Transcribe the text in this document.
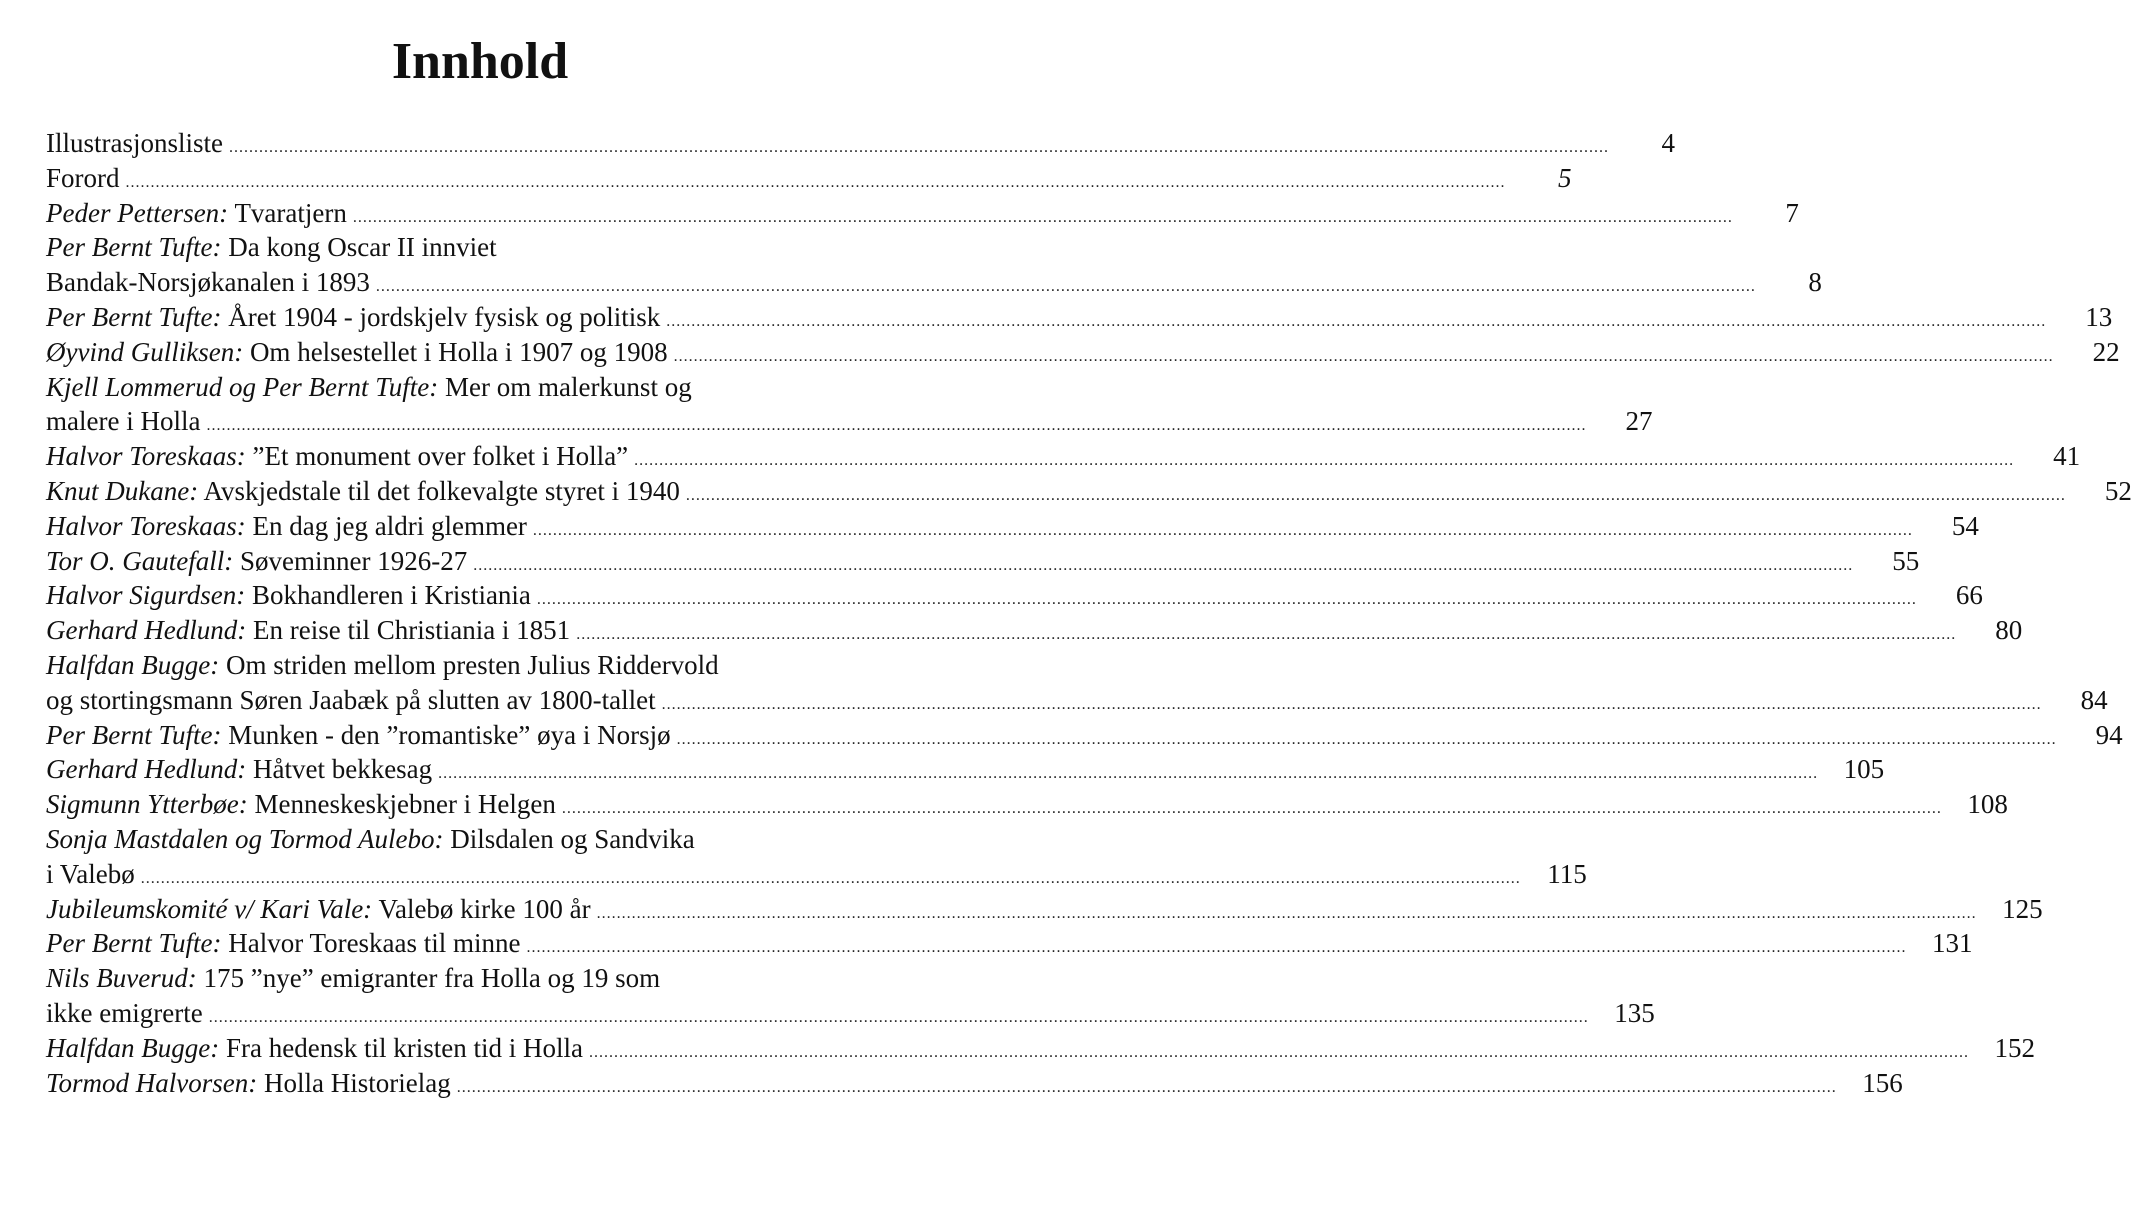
Innhold
Illustrasjonsliste ....................................................................................................................................................................................................................................................................................	4
Forord ....................................................................................................................................................................................................................................................................................	5
Peder Pettersen: Tvaratjern ....................................................................................................................................................................................................................................................................................	7
Per Bernt Tufte: Da kong Oscar II innviet
Bandak-Norsjøkanalen i 1893 ....................................................................................................................................................................................................................................................................................	8
Per Bernt Tufte: Året 1904 - jordskjelv fysisk og politisk ....................................................................................................................................................................................................................................................................................	13
Øyvind Gulliksen: Om helsestellet i Holla i 1907 og 1908 ....................................................................................................................................................................................................................................................................................	22
Kjell Lommerud og Per Bernt Tufte: Mer om malerkunst og
malere i Holla ....................................................................................................................................................................................................................................................................................	27
Halvor Toreskaas: ”Et monument over folket i Holla” ....................................................................................................................................................................................................................................................................................	41
Knut Dukane: Avskjedstale til det folkevalgte styret i 1940 ....................................................................................................................................................................................................................................................................................	52
Halvor Toreskaas: En dag jeg aldri glemmer ....................................................................................................................................................................................................................................................................................	54
Tor O. Gautefall: Søveminner 1926-27 ....................................................................................................................................................................................................................................................................................	55
Halvor Sigurdsen: Bokhandleren i Kristiania ....................................................................................................................................................................................................................................................................................	66
Gerhard Hedlund: En reise til Christiania i 1851 ....................................................................................................................................................................................................................................................................................	80
Halfdan Bugge: Om striden mellom presten Julius Riddervold
og stortingsmann Søren Jaabæk på slutten av 1800-tallet ....................................................................................................................................................................................................................................................................................	84
Per Bernt Tufte: Munken - den ”romantiske” øya i Norsjø ....................................................................................................................................................................................................................................................................................	94
Gerhard Hedlund: Håtvet bekkesag .................................................................................................................................................................................................................................................................................... 105
Sigmunn Ytterbøe: Menneskeskjebner i Helgen .................................................................................................................................................................................................................................................................................... 108
Sonja Mastdalen og Tormod Aulebo: Dilsdalen og Sandvika
i Valebø .................................................................................................................................................................................................................................................................................... 115
Jubileumskomité v/ Kari Vale: Valebø kirke 100 år .................................................................................................................................................................................................................................................................................... 125
Per Bernt Tufte: Halvor Toreskaas til minne .................................................................................................................................................................................................................................................................................... 131
Nils Buverud: 175 ”nye” emigranter fra Holla og 19 som
ikke emigrerte .................................................................................................................................................................................................................................................................................... 135
Halfdan Bugge: Fra hedensk til kristen tid i Holla .................................................................................................................................................................................................................................................................................... 152
Tormod Halvorsen: Holla Historielag .................................................................................................................................................................................................................................................................................... 156
